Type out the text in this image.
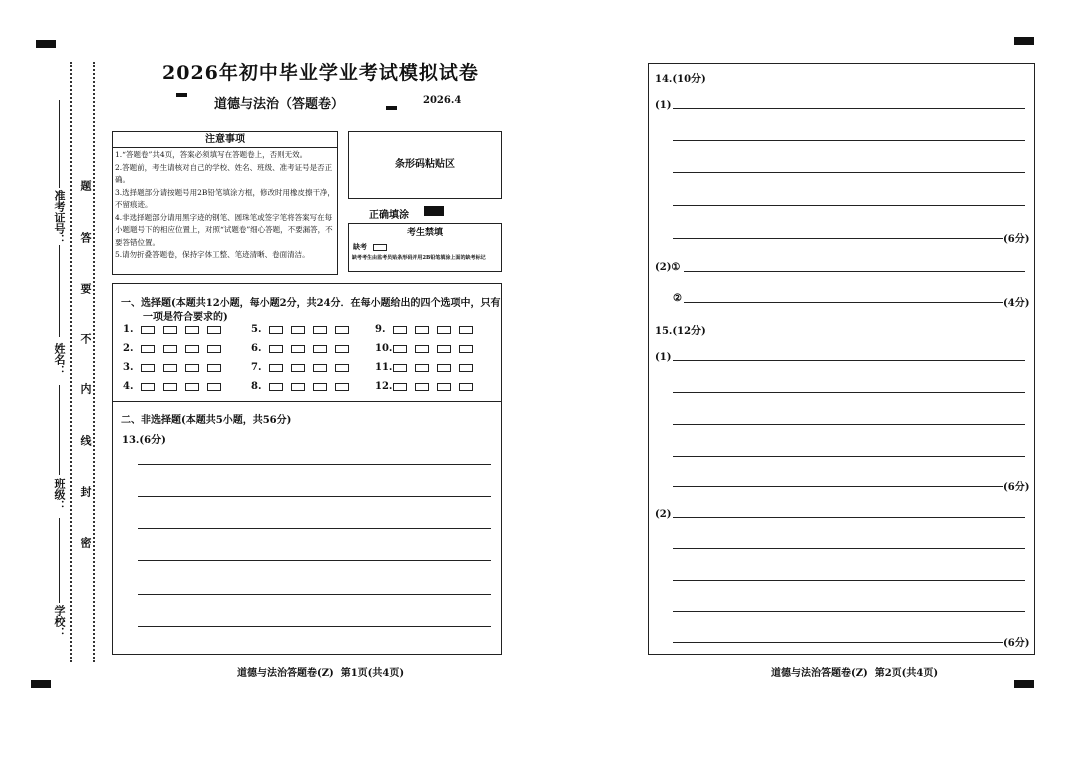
准考证号：
姓名：
班级：
学校：
题
答
要
不
内
线
封
密
2026年初中毕业学业考试模拟试卷
道德与法治（答题卷）	2026.4
注意事项
1.“答题卷”共4页，答案必须填写在答题卷上，否则无效。
2.答题前，考生请核对自己的学校、姓名、班级、准考证号是否正确。
3.选择题部分请按题号用2B铅笔填涂方框，修改时用橡皮擦干净，不留痕迹。
4.非选择题部分请用黑字迹的钢笔、圆珠笔或签字笔将答案写在每小题题号下的相应位置上，对照“试题卷”细心答题，不要漏答，不要答错位置。
5.请勿折叠答题卷，保持字体工整、笔迹清晰、卷面清洁。
条形码粘贴区
正确填涂
考生禁填
缺考
缺考考生由监考员贴条形码并用2B铅笔填涂上面的缺考标记
一、选择题(本题共12小题，每小题2分，共24分．在每小题给出的四个选项中，只有
一项是符合要求的)
1.
2.
3.
4.
5.
6.
7.
8.
9.
10.
11.
12.
二、非选择题(本题共5小题，共56分)
13.(6分)
道德与法治答题卷(Z)  第1页(共4页)
14.(10分)
(1)
(6分)
(2)①
②	(4分)
15.(12分)
(1)
(6分)
(2)
(6分)
道德与法治答题卷(Z)  第2页(共4页)
